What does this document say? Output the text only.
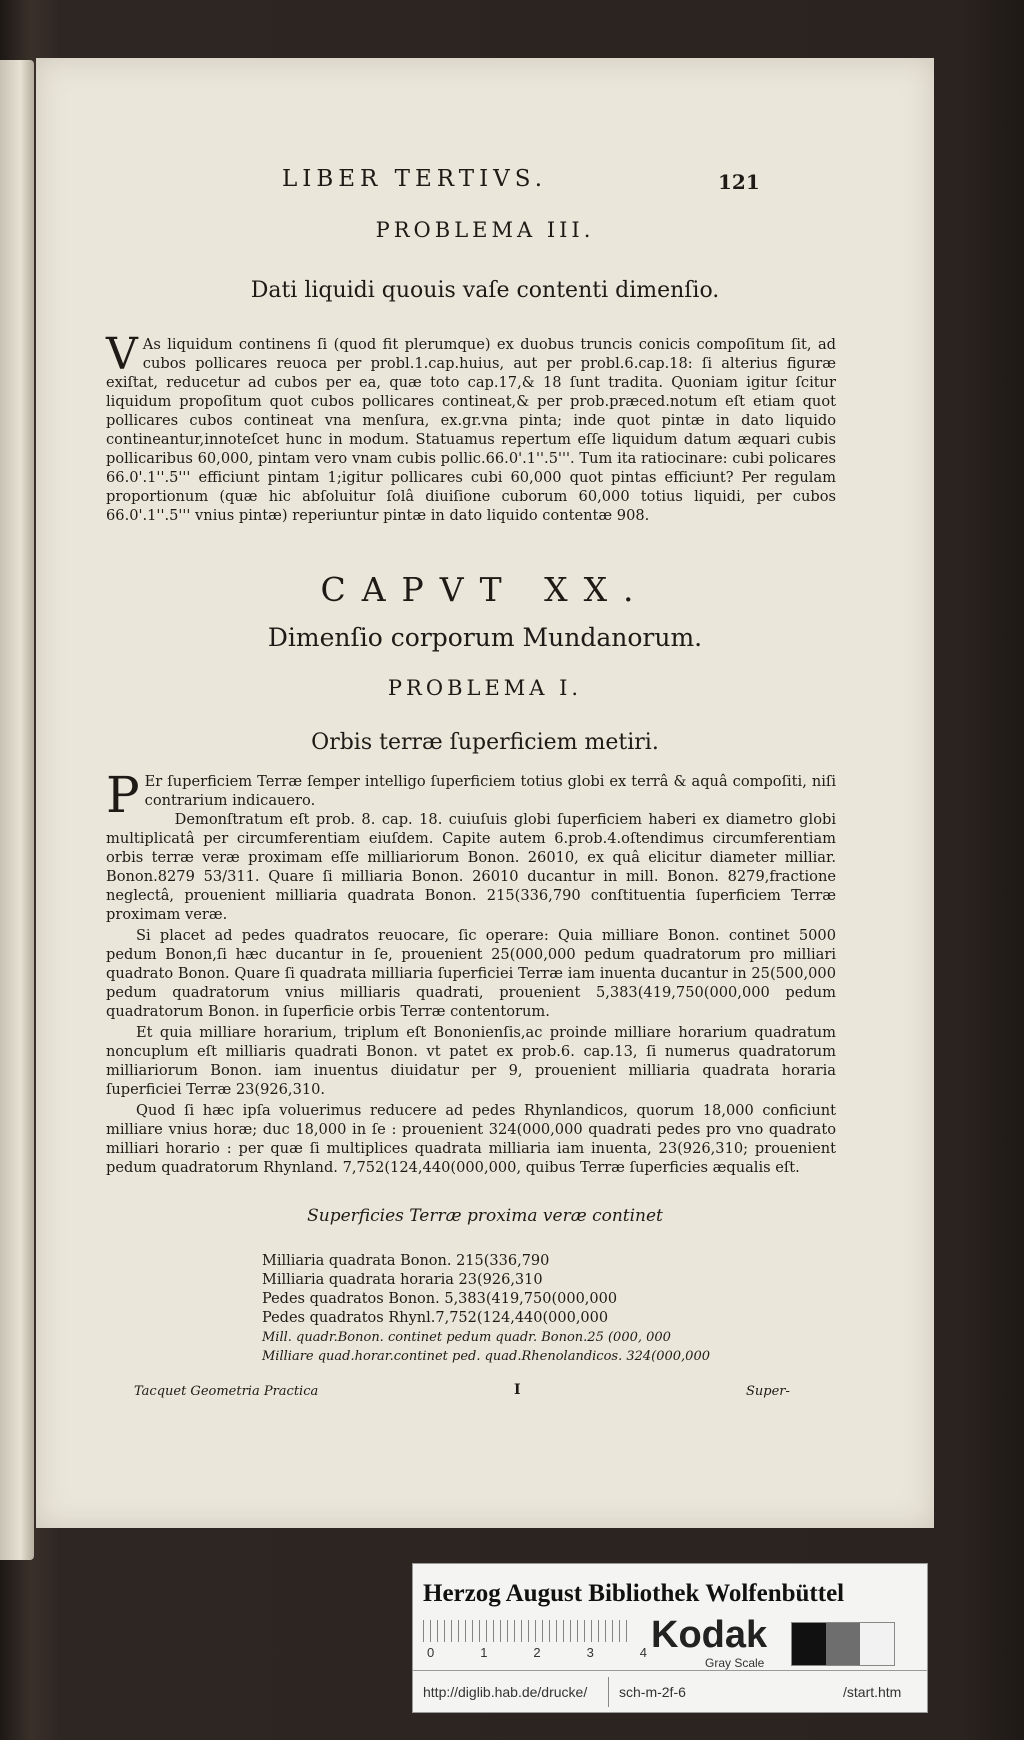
LIBER TERTIVS.	121
PROBLEMA III.
Dati liquidi quouis vaſe contenti dimenſio.

V As liquidum continens ſi (quod fit plerumque) ex duobus truncis conicis compoſitum ſit, ad cubos pollicares reuoca per probl.1.cap.huius, aut per probl.6.cap.18: ſi alterius figuræ exiſtat, reducetur ad cubos per ea, quæ toto cap.17,& 18 ſunt tradita. Quoniam igitur ſcitur liquidum propoſitum quot cubos pollicares contineat,& per prob.præced.notum eſt etiam quot pollicares cubos contineat vna menſura, ex.gr.vna pinta; inde quot pintæ in dato liquido contineantur,innoteſcet hunc in modum. Statuamus repertum eſſe liquidum datum æquari cubis pollicaribus 60,000, pintam vero vnam cubis pollic.66.0'.1''.5'''. Tum ita ratiocinare: cubi policares 66.0'.1''.5''' efficiunt pintam 1;igitur pollicares cubi 60,000 quot pintas efficiunt? Per regulam proportionum (quæ hic abſoluitur ſolâ diuiſione cuborum 60,000 totius liquidi, per cubos 66.0'.1''.5''' vnius pintæ) reperiuntur pintæ in dato liquido contentæ 908.

CAPVT XX.
Dimenſio corporum Mundanorum.
PROBLEMA I.
Orbis terræ ſuperficiem metiri.

P Er ſuperficiem Terræ ſemper intelligo ſuperficiem totius globi ex terrâ & aquâ compoſiti, niſi contrarium indicauero.

Demonſtratum eſt prob. 8. cap. 18. cuiuſuis globi ſuperficiem haberi ex diametro globi multiplicatâ per circumferentiam eiuſdem. Capite autem 6.prob.4.oſtendimus circumferentiam orbis terræ veræ proximam eſſe milliariorum Bonon. 26010, ex quâ elicitur diameter milliar. Bonon.8279 53/311. Quare ſi milliaria Bonon. 26010 ducantur in mill. Bonon. 8279,fractione neglectâ, prouenient milliaria quadrata Bonon. 215(336,790 conſtituentia ſuperficiem Terræ proximam veræ.

Si placet ad pedes quadratos reuocare, ſic operare: Quia milliare Bonon. continet 5000 pedum Bonon,ſi hæc ducantur in ſe, prouenient 25(000,000 pedum quadratorum pro milliari quadrato Bonon. Quare ſi quadrata milliaria ſuperficiei Terræ iam inuenta ducantur in 25(500,000 pedum quadratorum vnius milliaris quadrati, prouenient 5,383(419,750(000,000 pedum quadratorum Bonon. in ſuperficie orbis Terræ contentorum.

Et quia milliare horarium, triplum eſt Bononienſis,ac proinde milliare horarium quadratum noncuplum eſt milliaris quadrati Bonon. vt patet ex prob.6. cap.13, ſi numerus quadratorum milliariorum Bonon. iam inuentus diuidatur per 9, prouenient milliaria quadrata horaria ſuperficiei Terræ 23(926,310.

Quod ſi hæc ipſa voluerimus reducere ad pedes Rhynlandicos, quorum 18,000 conficiunt milliare vnius horæ; duc 18,000 in ſe : prouenient 324(000,000 quadrati pedes pro vno quadrato milliari horario : per quæ ſi multiplices quadrata milliaria iam inuenta, 23(926,310; prouenient pedum quadratorum Rhynland. 7,752(124,440(000,000, quibus Terræ ſuperficies æqualis eſt.

Superficies Terræ proxima veræ continet
Milliaria quadrata Bonon. 215(336,790
Milliaria quadrata horaria 23(926,310
Pedes quadratos Bonon. 5,383(419,750(000,000
Pedes quadratos Rhynl.7,752(124,440(000,000
Mill. quadr.Bonon. continet pedum quadr. Bonon.25 (000, 000
Milliare quad.horar.continet ped. quad.Rhenolandicos. 324(000,000
Tacquet Geometria Practica	I	Super-
Herzog August Bibliothek Wolfenbüttel
0	1	2	3	4 Kodak
Gray Scale
http://diglib.hab.de/drucke/ sch-m-2f-6	/start.htm
